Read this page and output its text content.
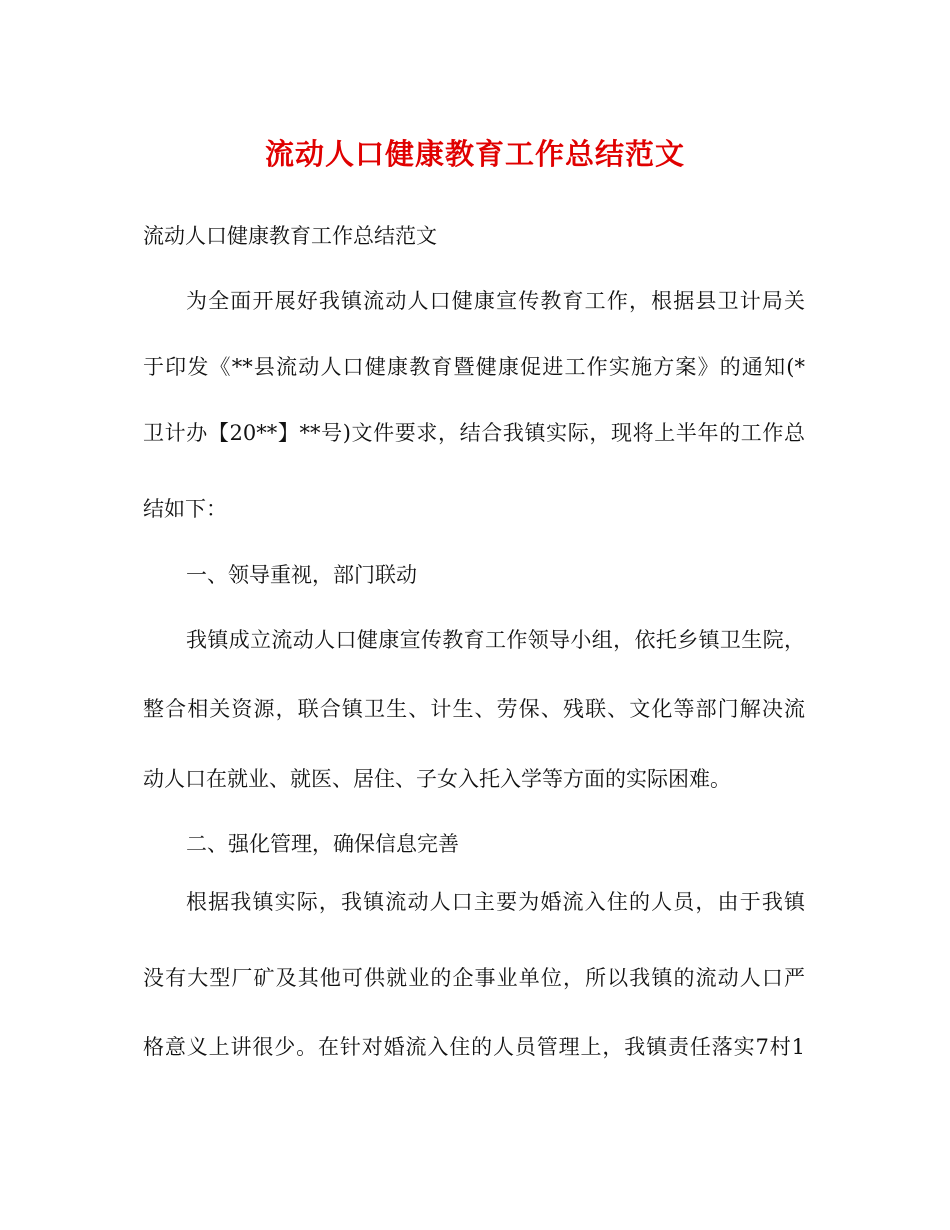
流动人口健康教育工作总结范文
流动人口健康教育工作总结范文
为全面开展好我镇流动人口健康宣传教育工作，根据县卫计局关
于印发《**县流动人口健康教育暨健康促进工作实施方案》的通知(*
卫计办【20**】**号)文件要求，结合我镇实际，现将上半年的工作总
结如下：
一、领导重视，部门联动
我镇成立流动人口健康宣传教育工作领导小组，依托乡镇卫生院，
整合相关资源，联合镇卫生、计生、劳保、残联、文化等部门解决流
动人口在就业、就医、居住、子女入托入学等方面的实际困难。
二、强化管理，确保信息完善
根据我镇实际，我镇流动人口主要为婚流入住的人员，由于我镇
没有大型厂矿及其他可供就业的企事业单位，所以我镇的流动人口严
格意义上讲很少。在针对婚流入住的人员管理上，我镇责任落实7村1
